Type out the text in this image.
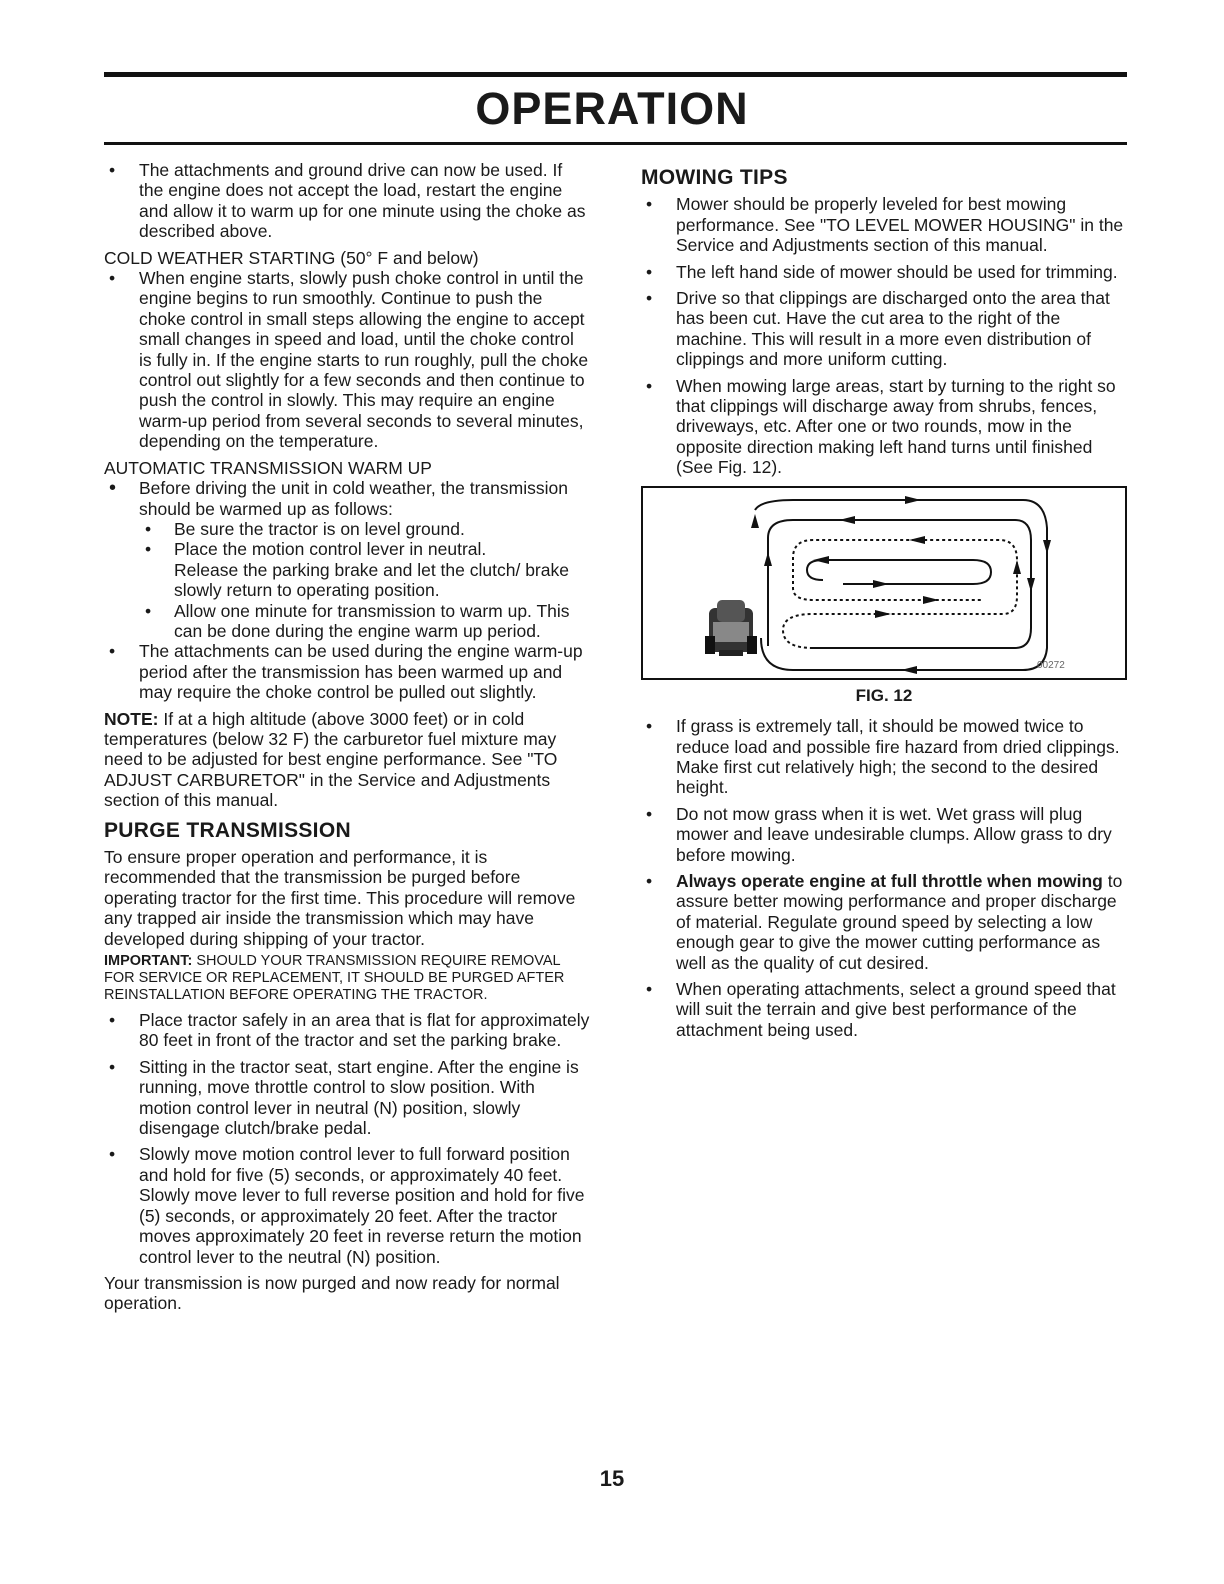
OPERATION

• The attachments and ground drive can now be used. If the engine does not accept the load, restart the engine and allow it to warm up for one minute using the choke as described above.

COLD WEATHER STARTING (50° F and below)

• When engine starts, slowly push choke control in until the engine begins to run smoothly. Continue to push the choke control in small steps allowing the engine to accept small changes in speed and load, until the choke control is fully in. If the engine starts to run roughly, pull the choke control out slightly for a few seconds and then continue to push the control in slowly. This may require an engine warm-up period from several seconds to several minutes, depending on the temperature.

AUTOMATIC TRANSMISSION WARM UP

• Before driving the unit in cold weather, the transmission should be warmed up as follows:

• Be sure the tractor is on level ground.

• Place the motion control lever in neutral.

Release the parking brake and let the clutch/ brake slowly return to operating position.

• Allow one minute for transmission to warm up. This can be done during the engine warm up period.

• The attachments can be used during the engine warm-up period after the transmission has been warmed up and may require the choke control be pulled out slightly.

NOTE: If at a high altitude (above 3000 feet) or in cold temperatures (below 32 F) the carburetor fuel mixture may need to be adjusted for best engine performance. See "TO ADJUST CARBURETOR" in the Service and Adjustments section of this manual.

PURGE TRANSMISSION

To ensure proper operation and performance, it is recommended that the transmission be purged before operating tractor for the first time. This procedure will remove any trapped air inside the transmission which may have developed during shipping of your tractor.

IMPORTANT: SHOULD YOUR TRANSMISSION REQUIRE REMOVAL FOR SERVICE OR REPLACEMENT, IT SHOULD BE PURGED AFTER REINSTALLATION BEFORE OPERATING THE TRACTOR.

• Place tractor safely in an area that is flat for approximately 80 feet in front of the tractor and set the parking brake.

• Sitting in the tractor seat, start engine. After the engine is running, move throttle control to slow position. With motion control lever in neutral (N) position, slowly disengage clutch/brake pedal.

• Slowly move motion control lever to full forward position and hold for five (5) seconds, or approximately 40 feet. Slowly move lever to full reverse position and hold for five (5) seconds, or approximately 20 feet. After the tractor moves approximately 20 feet in reverse return the motion control lever to the neutral (N) position.

Your transmission is now purged and now ready for normal operation.

MOWING TIPS

• Mower should be properly leveled for best mowing performance. See "TO LEVEL MOWER HOUSING" in the Service and Adjustments section of this manual.

• The left hand side of mower should be used for trimming.

• Drive so that clippings are discharged onto the area that has been cut. Have the cut area to the right of the machine. This will result in a more even distribution of clippings and more uniform cutting.

• When mowing large areas, start by turning to the right so that clippings will discharge away from shrubs, fences, driveways, etc. After one or two rounds, mow in the opposite direction making left hand turns until finished (See Fig. 12).

00272
FIG. 12

• If grass is extremely tall, it should be mowed twice to reduce load and possible fire hazard from dried clippings. Make first cut relatively high; the second to the desired height.

• Do not mow grass when it is wet. Wet grass will plug mower and leave undesirable clumps. Allow grass to dry before mowing.

• Always operate engine at full throttle when mowing to assure better mowing performance and proper discharge of material. Regulate ground speed by selecting a low enough gear to give the mower cutting performance as well as the quality of cut desired.

• When operating attachments, select a ground speed that will suit the terrain and give best performance of the attachment being used.

15
